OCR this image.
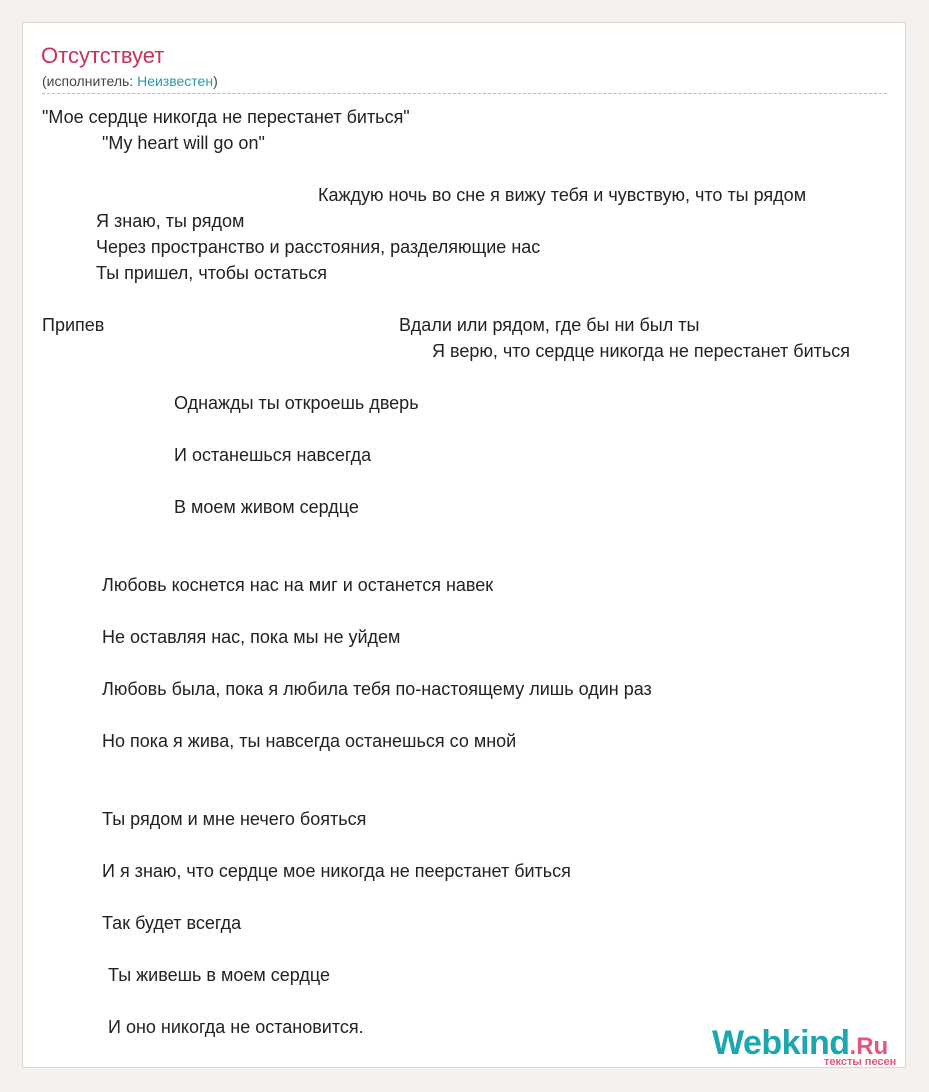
Отсутствует
(исполнитель: Неизвестен)
"Мое сердце никогда не перестанет биться"
"My heart will go on"
Каждую ночь во сне я вижу тебя и чувствую, что ты рядом
Я знаю, ты рядом
Через пространство и расстояния, разделяющие нас
Ты пришел, чтобы остаться
Припев	Вдали или рядом, где бы ни был ты
Я верю, что сердце никогда не перестанет биться
Однажды ты откроешь дверь
И останешься навсегда
В моем живом сердце
Любовь коснется нас на миг и останется навек
Не оставляя нас, пока мы не уйдем
Любовь была, пока я любила тебя по-настоящему лишь один раз
Но пока я жива, ты навсегда останешься со мной
Ты рядом и мне нечего бояться
И я знаю, что сердце мое никогда не пеерстанет биться
Так будет всегда
Ты живешь в моем сердце
И оно никогда не остановится.	Webkind.Ru
тексты песен
